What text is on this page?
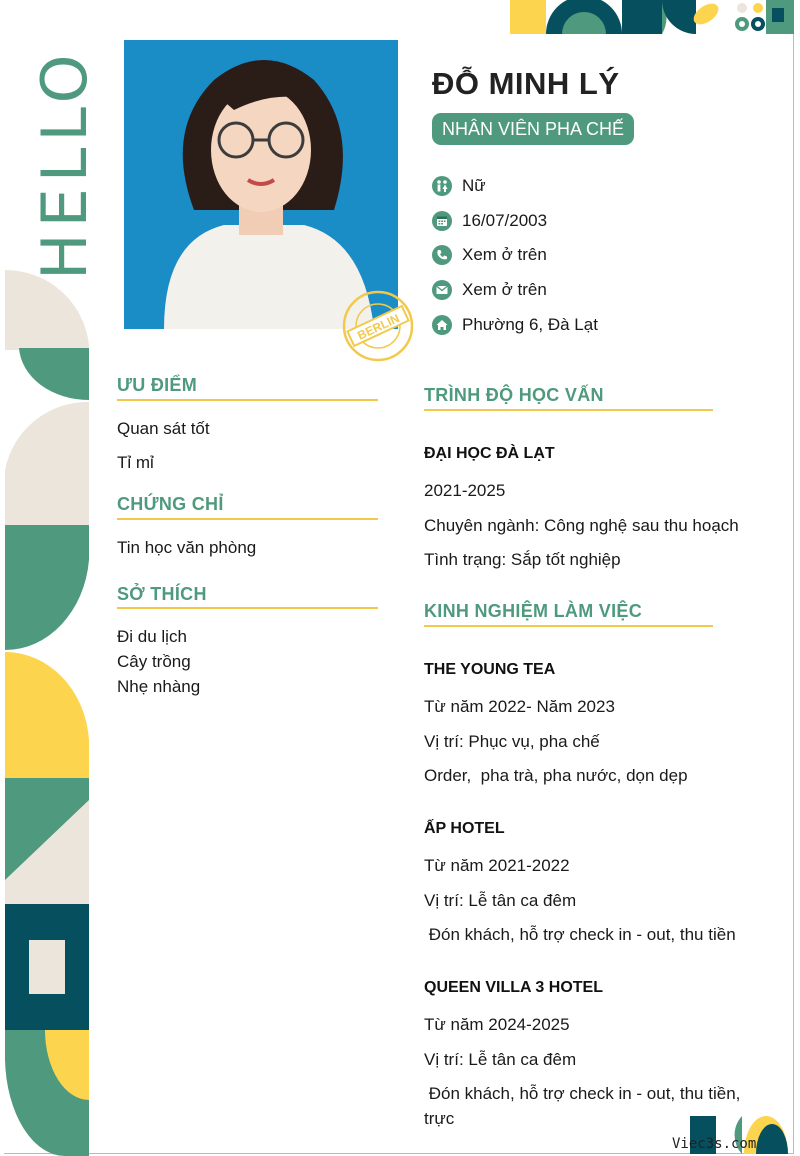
HELLO
BERLIN
ĐỖ MINH LÝ
NHÂN VIÊN PHA CHẾ
Nữ
16/07/2003
Xem ở trên
Xem ở trên
Phường 6, Đà Lạt
ƯU ĐIỂM
Quan sát tốt
Tỉ mỉ
CHỨNG CHỈ
Tin học văn phòng
SỞ THÍCH
Đi du lịch
Cây trồng
Nhẹ nhàng
TRÌNH ĐỘ HỌC VẤN
ĐẠI HỌC ĐÀ LẠT
2021-2025
Chuyên ngành: Công nghệ sau thu hoạch
Tình trạng: Sắp tốt nghiệp
KINH NGHIỆM LÀM VIỆC
THE YOUNG TEA
Từ năm 2022- Năm 2023
Vị trí: Phục vụ, pha chế
Order,  pha trà, pha nước, dọn dẹp
ẤP HOTEL
Từ năm 2021-2022
Vị trí: Lễ tân ca đêm
Đón khách, hỗ trợ check in - out, thu tiền
QUEEN VILLA 3 HOTEL
Từ năm 2024-2025
Vị trí: Lễ tân ca đêm
Đón khách, hỗ trợ check in - out, thu tiền,
trực
Viec3s.com
